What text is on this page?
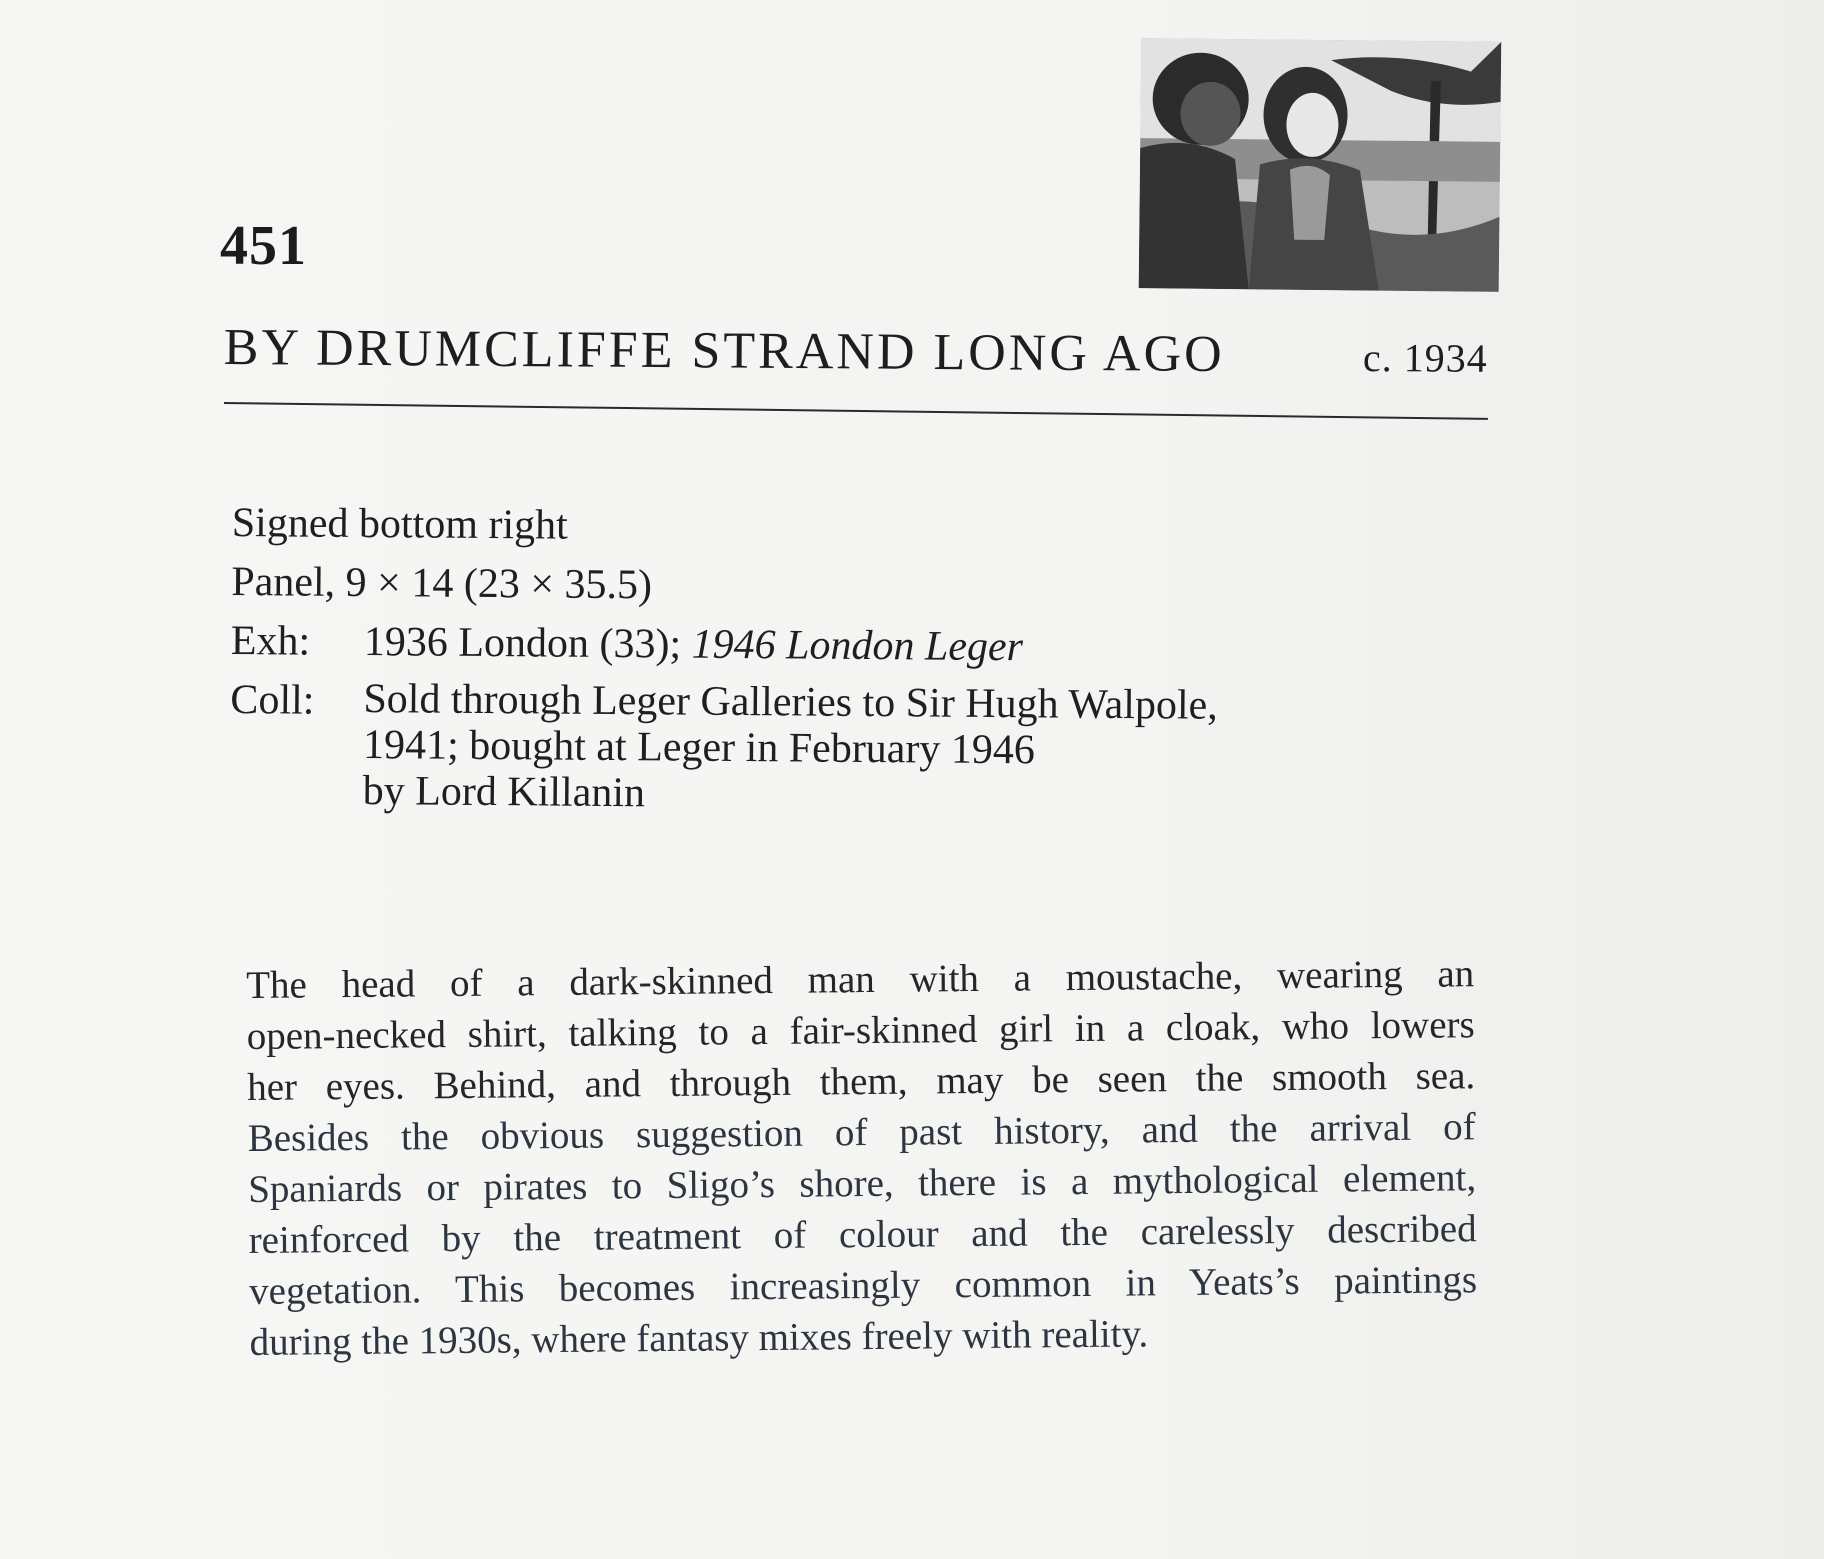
451
BY DRUMCLIFFE STRAND LONG AGO	c. 1934
Signed bottom right
Panel, 9 × 14 (23 × 35.5)
Exh: 1936 London (33); 1946 London Leger
Coll:	Sold through Leger Galleries to Sir Hugh Walpole,
1941; bought at Leger in February 1946
by Lord Killanin
The head of a dark-skinned man with a moustache, wearing an
open-necked shirt, talking to a fair-skinned girl in a cloak, who lowers
her eyes. Behind, and through them, may be seen the smooth sea.
Besides the obvious suggestion of past history, and the arrival of
Spaniards or pirates to Sligo’s shore, there is a mythological element,
reinforced by the treatment of colour and the carelessly described
vegetation. This becomes increasingly common in Yeats’s paintings
during the 1930s, where fantasy mixes freely with reality.
